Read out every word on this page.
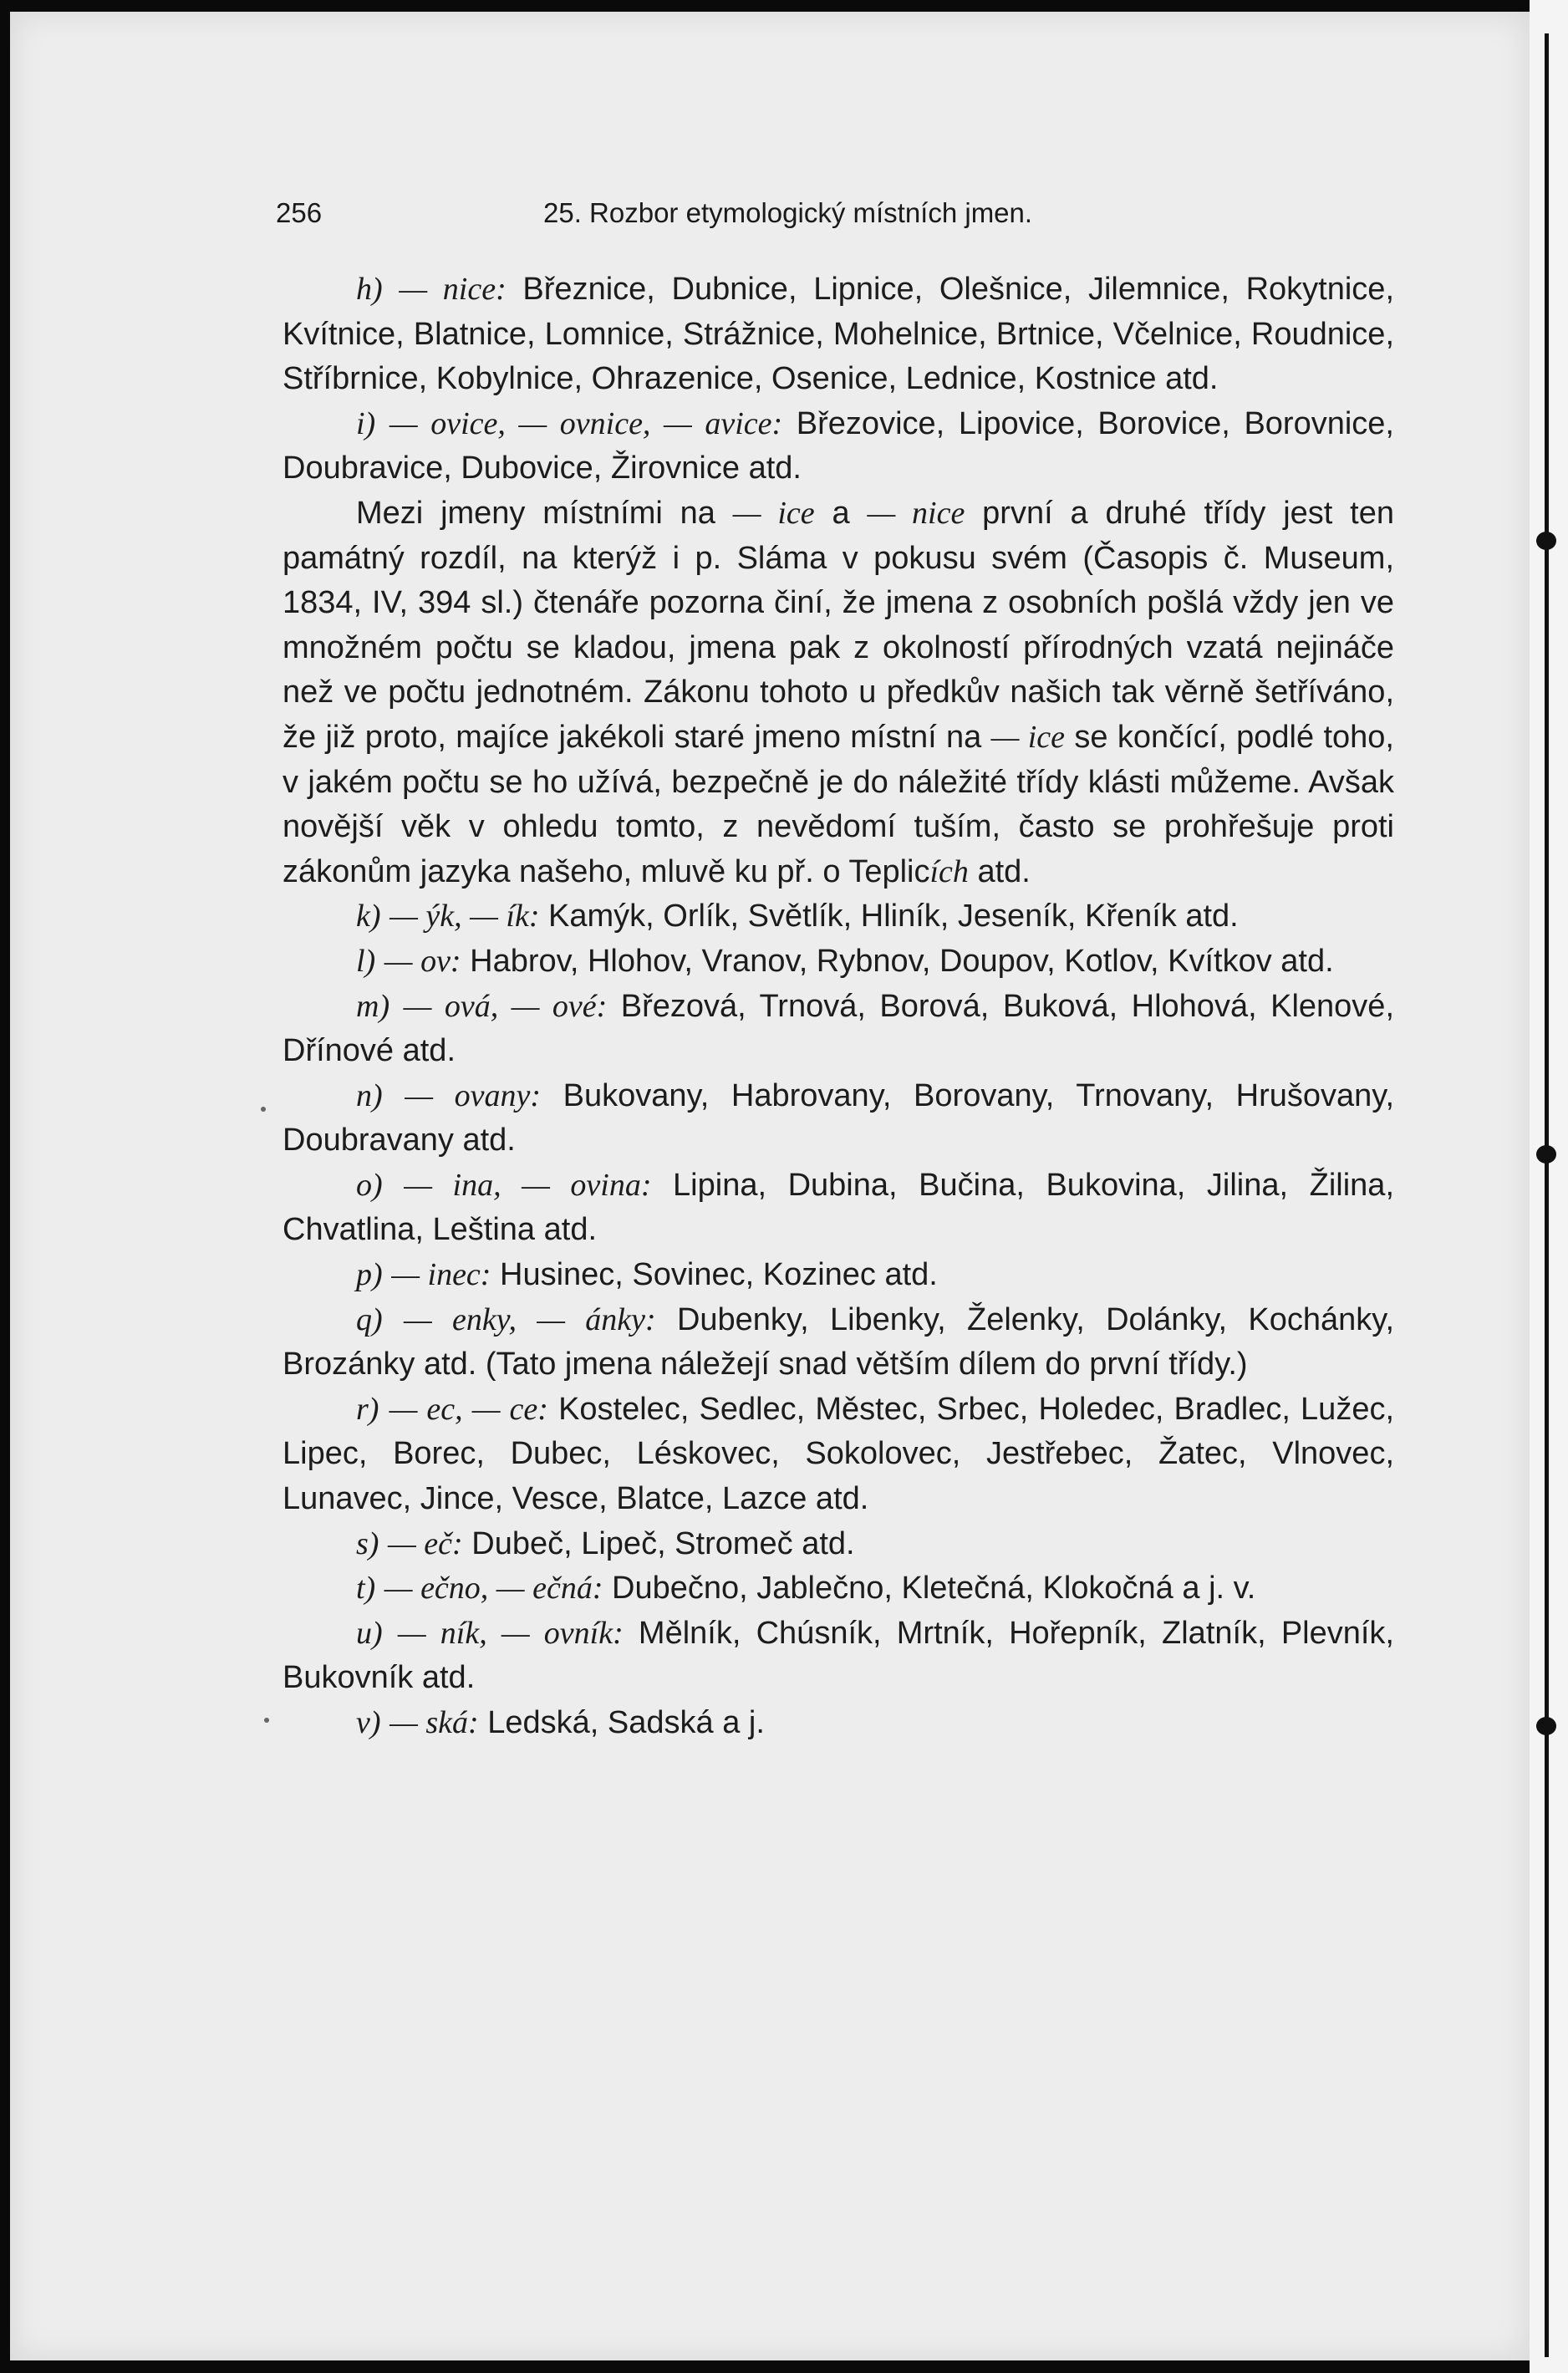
256	25. Rozbor etymologický místních jmen.

h) — nice: Březnice, Dubnice, Lipnice, Olešnice, Jilemnice, Rokytnice, Kvítnice, Blatnice, Lomnice, Strážnice, Mohelnice, Brtnice, Včelnice, Roudnice, Stříbrnice, Kobylnice, Ohrazenice, Osenice, Lednice, Kostnice atd.

i) — ovice, — ovnice, — avice: Březovice, Lipovice, Borovice, Borovnice, Doubravice, Dubovice, Žirovnice atd.

Mezi jmeny místními na — ice a — nice první a druhé třídy jest ten památný rozdíl, na kterýž i p. Sláma v pokusu svém (Časopis č. Museum, 1834, IV, 394 sl.) čtenáře pozorna činí, že jmena z osobních pošlá vždy jen ve množném počtu se kladou, jmena pak z okolností přírodných vzatá nejináče než ve počtu jednotném. Zákonu tohoto u předkův našich tak věrně šetříváno, že již proto, majíce jakékoli staré jmeno místní na — ice se končící, podlé toho, v jakém počtu se ho užívá, bezpečně je do náležité třídy klásti můžeme. Avšak novější věk v ohledu tomto, z nevědomí tuším, často se prohřešuje proti zákonům jazyka našeho, mluvě ku př. o Teplicích atd.

k) — ýk, — ík: Kamýk, Orlík, Světlík, Hliník, Jeseník, Křeník atd.

l) — ov: Habrov, Hlohov, Vranov, Rybnov, Doupov, Kotlov, Kvítkov atd.

m) — ová, — ové: Březová, Trnová, Borová, Buková, Hlohová, Klenové, Dřínové atd.

n) — ovany: Bukovany, Habrovany, Borovany, Trnovany, Hrušovany, Doubravany atd.

o) — ina, — ovina: Lipina, Dubina, Bučina, Bukovina, Jilina, Žilina, Chvatlina, Leština atd.

p) — inec: Husinec, Sovinec, Kozinec atd.

q) — enky, — ánky: Dubenky, Libenky, Želenky, Dolánky, Kochánky, Brozánky atd. (Tato jmena náležejí snad větším dílem do první třídy.)

r) — ec, — ce: Kostelec, Sedlec, Městec, Srbec, Holedec, Bradlec, Lužec, Lipec, Borec, Dubec, Léskovec, Sokolovec, Jestřebec, Žatec, Vlnovec, Lunavec, Jince, Vesce, Blatce, Lazce atd.

s) — eč: Dubeč, Lipeč, Stromeč atd.

t) — ečno, — ečná: Dubečno, Jablečno, Kletečná, Klokočná a j. v.

u) — ník, — ovník: Mělník, Chúsník, Mrtník, Hořepník, Zlatník, Plevník, Bukovník atd.

v) — ská: Ledská, Sadská a j.
